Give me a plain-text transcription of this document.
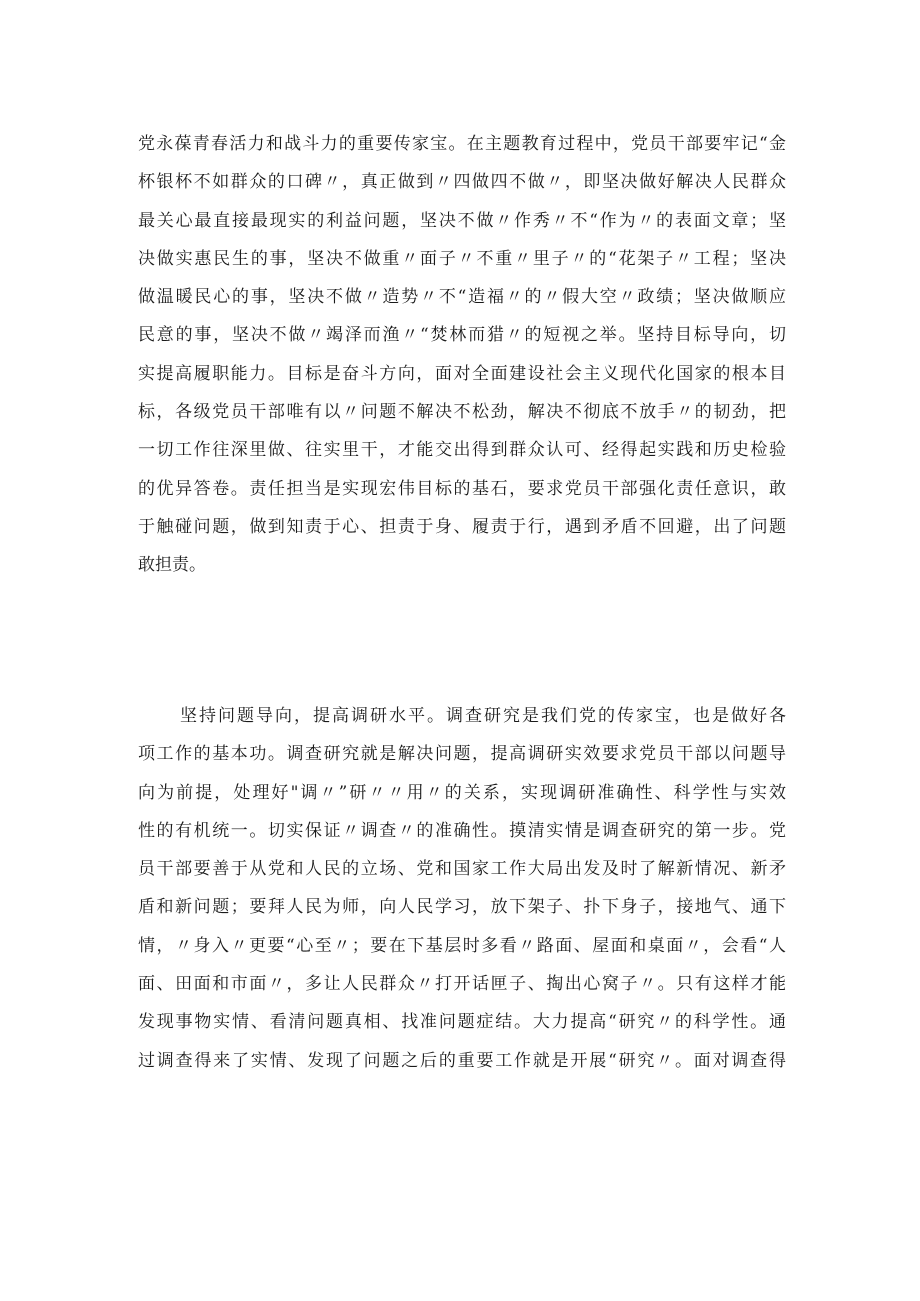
党永葆青春活力和战斗力的重要传家宝。在主题教育过程中，党员干部要牢记“金
杯银杯不如群众的口碑〃，真正做到〃四做四不做〃，即坚决做好解决人民群众
最关心最直接最现实的利益问题，坚决不做〃作秀〃不“作为〃的表面文章；坚
决做实惠民生的事，坚决不做重〃面子〃不重〃里子〃的“花架子〃工程；坚决
做温暖民心的事，坚决不做〃造势〃不“造福〃的〃假大空〃政绩；坚决做顺应
民意的事，坚决不做〃竭泽而渔〃“焚林而猎〃的短视之举。坚持目标导向，切
实提高履职能力。目标是奋斗方向，面对全面建设社会主义现代化国家的根本目
标，各级党员干部唯有以〃问题不解决不松劲，解决不彻底不放手〃的韧劲，把
一切工作往深里做、往实里干，才能交出得到群众认可、经得起实践和历史检验
的优异答卷。责任担当是实现宏伟目标的基石，要求党员干部强化责任意识，敢
于触碰问题，做到知责于心、担责于身、履责于行，遇到矛盾不回避，出了问题
敢担责。
坚持问题导向，提高调研水平。调查研究是我们党的传家宝，也是做好各
项工作的基本功。调查研究就是解决问题，提高调研实效要求党员干部以问题导
向为前提，处理好"调〃”研〃〃用〃的关系，实现调研准确性、科学性与实效
性的有机统一。切实保证〃调查〃的准确性。摸清实情是调查研究的第一步。党
员干部要善于从党和人民的立场、党和国家工作大局出发及时了解新情况、新矛
盾和新问题；要拜人民为师，向人民学习，放下架子、扑下身子，接地气、通下
情，〃身入〃更要“心至〃；要在下基层时多看〃路面、屋面和桌面〃，会看“人
面、田面和市面〃，多让人民群众〃打开话匣子、掏出心窝子〃。只有这样才能
发现事物实情、看清问题真相、找准问题症结。大力提高“研究〃的科学性。通
过调查得来了实情、发现了问题之后的重要工作就是开展“研究〃。面对调查得
